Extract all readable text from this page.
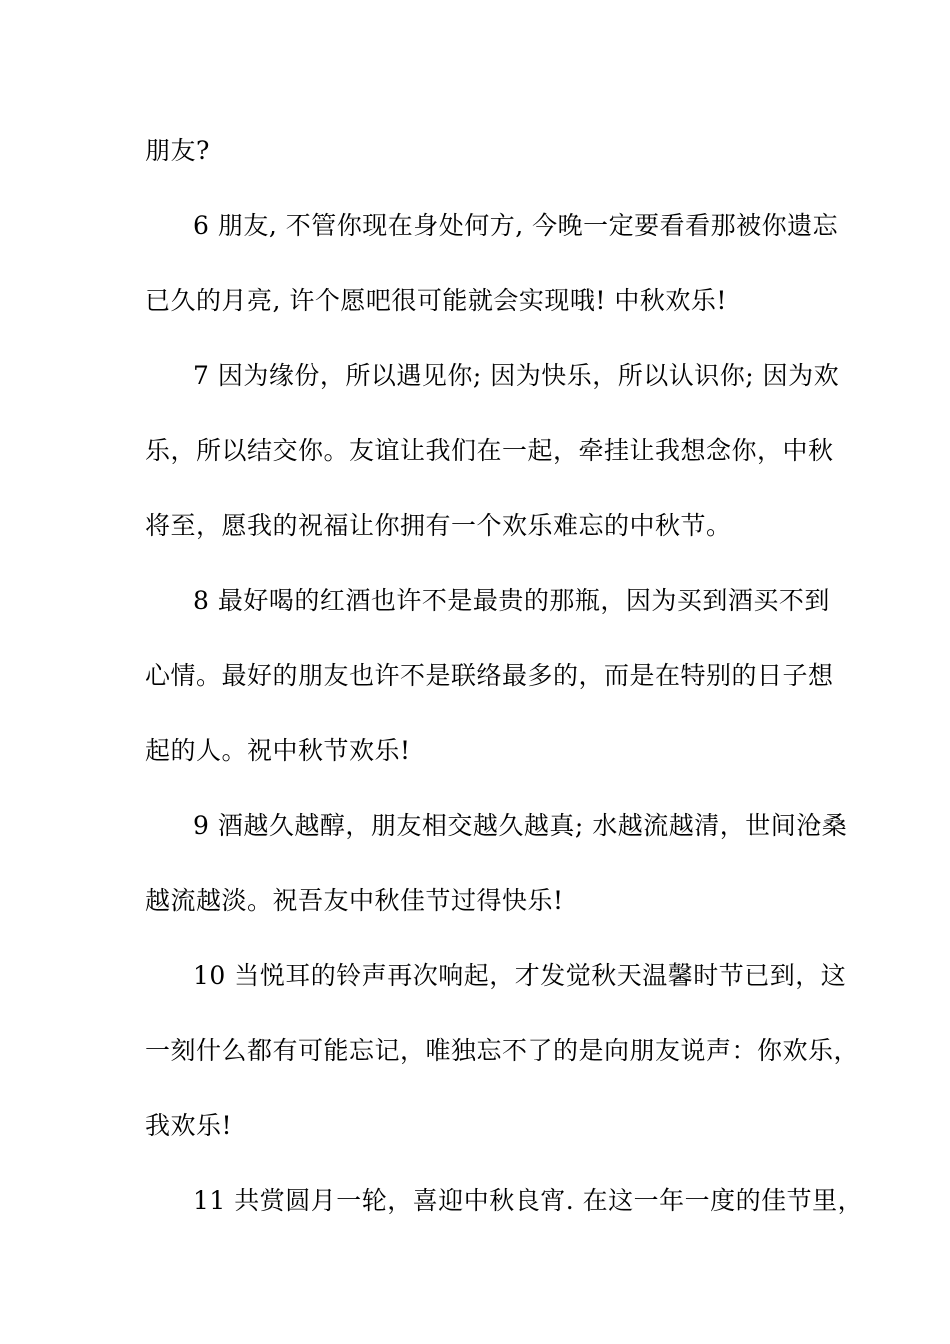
朋友?
6 朋友, 不管你现在身处何方, 今晚一定要看看那被你遗忘
已久的月亮, 许个愿吧很可能就会实现哦! 中秋欢乐!
7 因为缘份，所以遇见你; 因为快乐，所以认识你; 因为欢
乐，所以结交你。友谊让我们在一起，牵挂让我想念你，中秋
将至，愿我的祝福让你拥有一个欢乐难忘的中秋节。
8 最好喝的红酒也许不是最贵的那瓶，因为买到酒买不到
心情。最好的朋友也许不是联络最多的，而是在特别的日子想
起的人。祝中秋节欢乐!
9 酒越久越醇，朋友相交越久越真; 水越流越清，世间沧桑
越流越淡。祝吾友中秋佳节过得快乐!
10 当悦耳的铃声再次响起，才发觉秋天温馨时节已到，这
一刻什么都有可能忘记，唯独忘不了的是向朋友说声：你欢乐，
我欢乐!
11 共赏圆月一轮，喜迎中秋良宵. 在这一年一度的佳节里，
